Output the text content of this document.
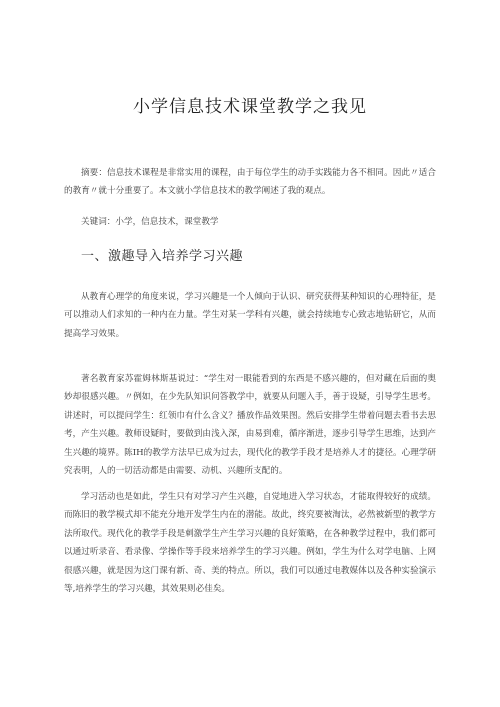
小学信息技术课堂教学之我见
摘要：信息技术课程是非常实用的课程，由于每位学生的动手实践能力各不相同。因此〃适合的教育〃就十分重要了。本文就小学信息技术的教学阐述了我的观点。
关键词：小学，信息技术，课堂教学
一、激趣导入培养学习兴趣
从教育心理学的角度来说，学习兴趣是一个人倾向于认识、研究获得某种知识的心理特征，是可以推动人们求知的一种内在力量。学生对某一学科有兴趣，就会持续地专心致志地钻研它，从而提高学习效果。
著名教育家苏霍姆林斯基说过：“学生对一眼能看到的东西是不感兴趣的，但对藏在后面的奥妙却很感兴趣。〃例如，在少先队知识问答教学中，就要从问题入手，善于设疑，引导学生思考。讲述时，可以提问学生：红领巾有什么含义？播放作品效果图。然后安排学生带着问题去看书去思考，产生兴趣。教师设疑时，要做到由浅入深，由易到难，循序渐进，逐步引导学生思维，达到产生兴趣的境界。陈IH的教学方法早已成为过去，现代化的教学手段才是培养人才的捷径。心理学研究表明，人的一切活动都是由需要、动机、兴趣所支配的。
学习活动也是如此，学生只有对学习产生兴趣，自觉地进入学习状态，才能取得较好的成绩。而陈旧的教学模式却不能充分地开发学生内在的潜能。故此，终究要被淘汰，必然被新型的教学方法所取代。现代化的教学手段是刺激学生产生学习兴趣的良好策略，在各种教学过程中，我们都可以通过听录音、看录像、学操作等手段来培养学生的学习兴趣。例如，学生为什么对学电脑、上网很感兴趣，就是因为这门课有新、奇、美的特点。所以，我们可以通过电教媒体以及各种实验演示等,培养学生的学习兴趣，其效果则必佳矣。
